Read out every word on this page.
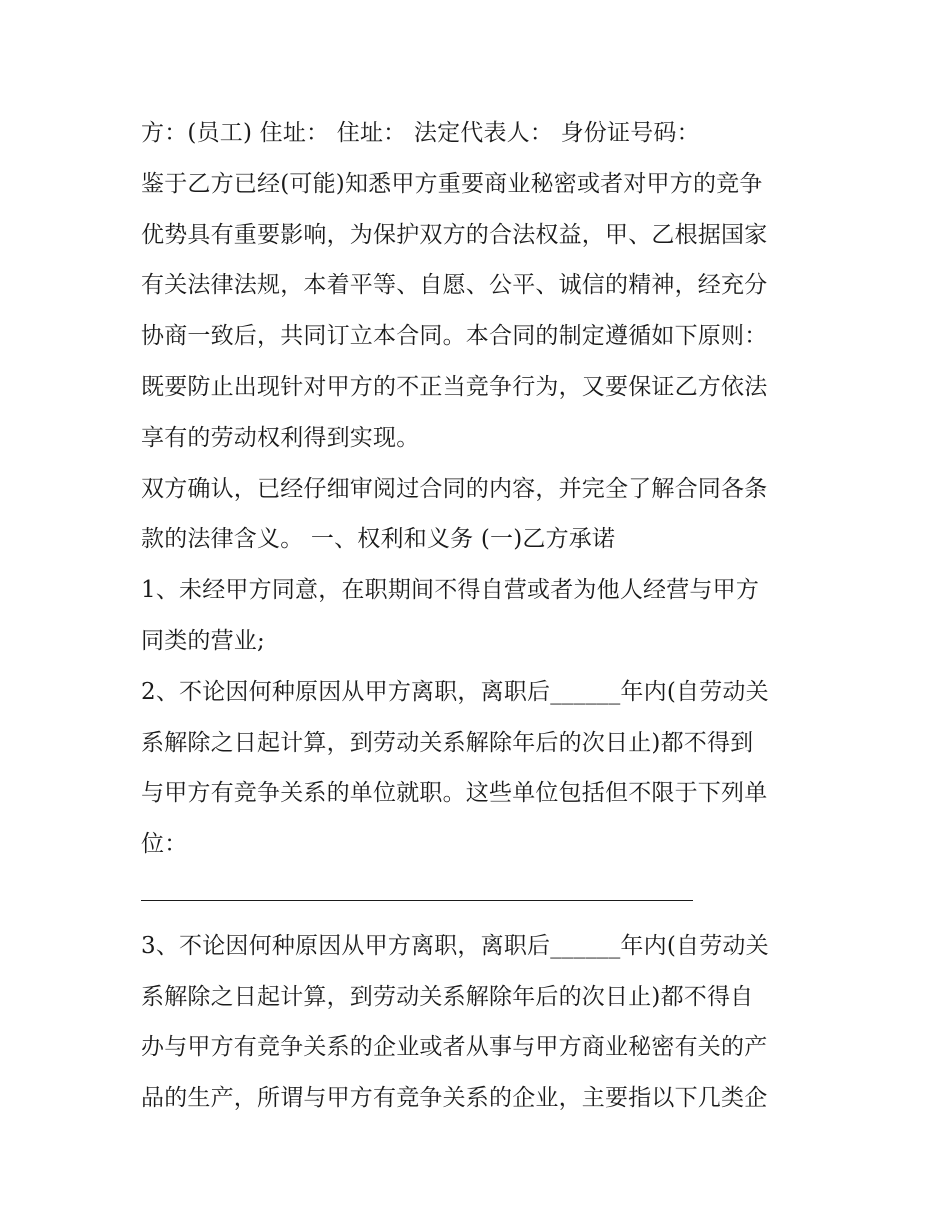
方：(员工) 住址： 住址： 法定代表人： 身份证号码：
鉴于乙方已经(可能)知悉甲方重要商业秘密或者对甲方的竞争
优势具有重要影响，为保护双方的合法权益，甲、乙根据国家
有关法律法规，本着平等、自愿、公平、诚信的精神，经充分
协商一致后，共同订立本合同。本合同的制定遵循如下原则：
既要防止出现针对甲方的不正当竞争行为，又要保证乙方依法
享有的劳动权利得到实现。
双方确认，已经仔细审阅过合同的内容，并完全了解合同各条
款的法律含义。 一、权利和义务 (一)乙方承诺
1、未经甲方同意，在职期间不得自营或者为他人经营与甲方
同类的营业;
2、不论因何种原因从甲方离职，离职后______年内(自劳动关
系解除之日起计算，到劳动关系解除年后的次日止)都不得到
与甲方有竞争关系的单位就职。这些单位包括但不限于下列单
位：
3、不论因何种原因从甲方离职，离职后______年内(自劳动关
系解除之日起计算，到劳动关系解除年后的次日止)都不得自
办与甲方有竞争关系的企业或者从事与甲方商业秘密有关的产
品的生产，所谓与甲方有竞争关系的企业，主要指以下几类企
